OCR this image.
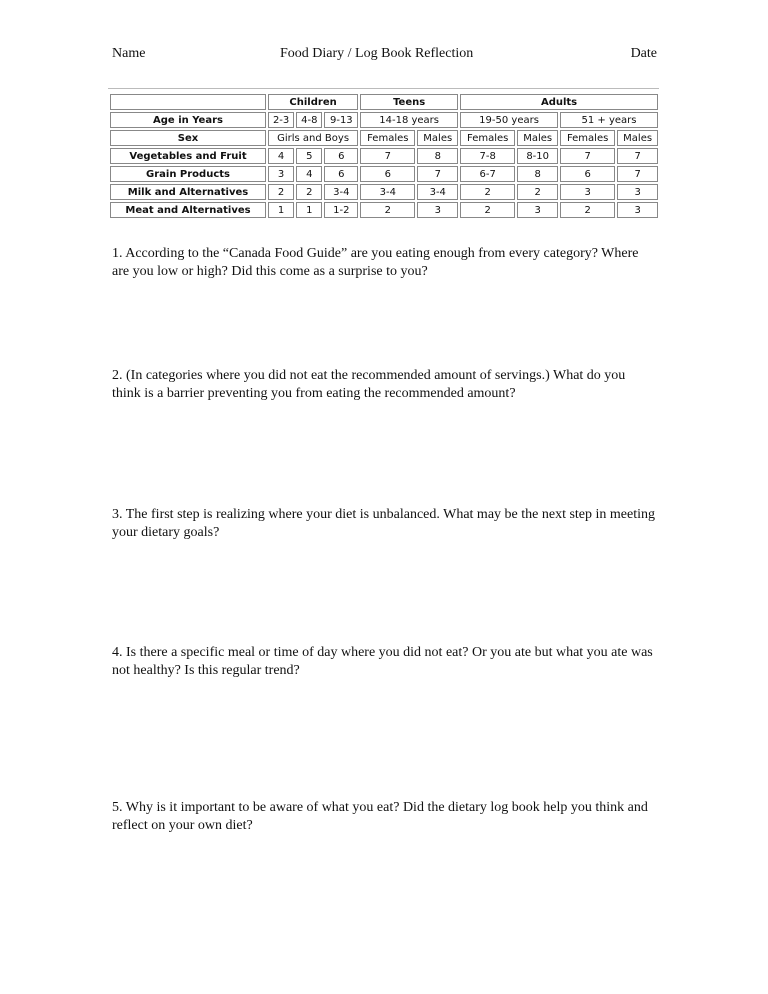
Name	Food Diary / Log Book Reflection	Date
	Children			Teens		Adults			
Age in Years	2-3	4-8	9-13	14-18 years		19-50 years		51 + years	
Sex	Girls and Boys			Females	Males	Females	Males	Females	Males
Vegetables and Fruit	4	5	6	7	8	7-8	8-10	7	7
Grain Products	3	4	6	6	7	6-7	8	6	7
Milk and Alternatives	2	2	3-4	3-4	3-4	2	2	3	3
Meat and Alternatives	1	1	1-2	2	3	2	3	2	3

1. According to the “Canada Food Guide” are you eating enough from every category? Where are you low or high? Did this come as a surprise to you?

2. (In categories where you did not eat the recommended amount of servings.) What do you think is a barrier preventing you from eating the recommended amount?

3. The first step is realizing where your diet is unbalanced. What may be the next step in meeting your dietary goals?

4. Is there a specific meal or time of day where you did not eat? Or you ate but what you ate was not healthy? Is this regular trend?

5. Why is it important to be aware of what you eat? Did the dietary log book help you think and reflect on your own diet?
